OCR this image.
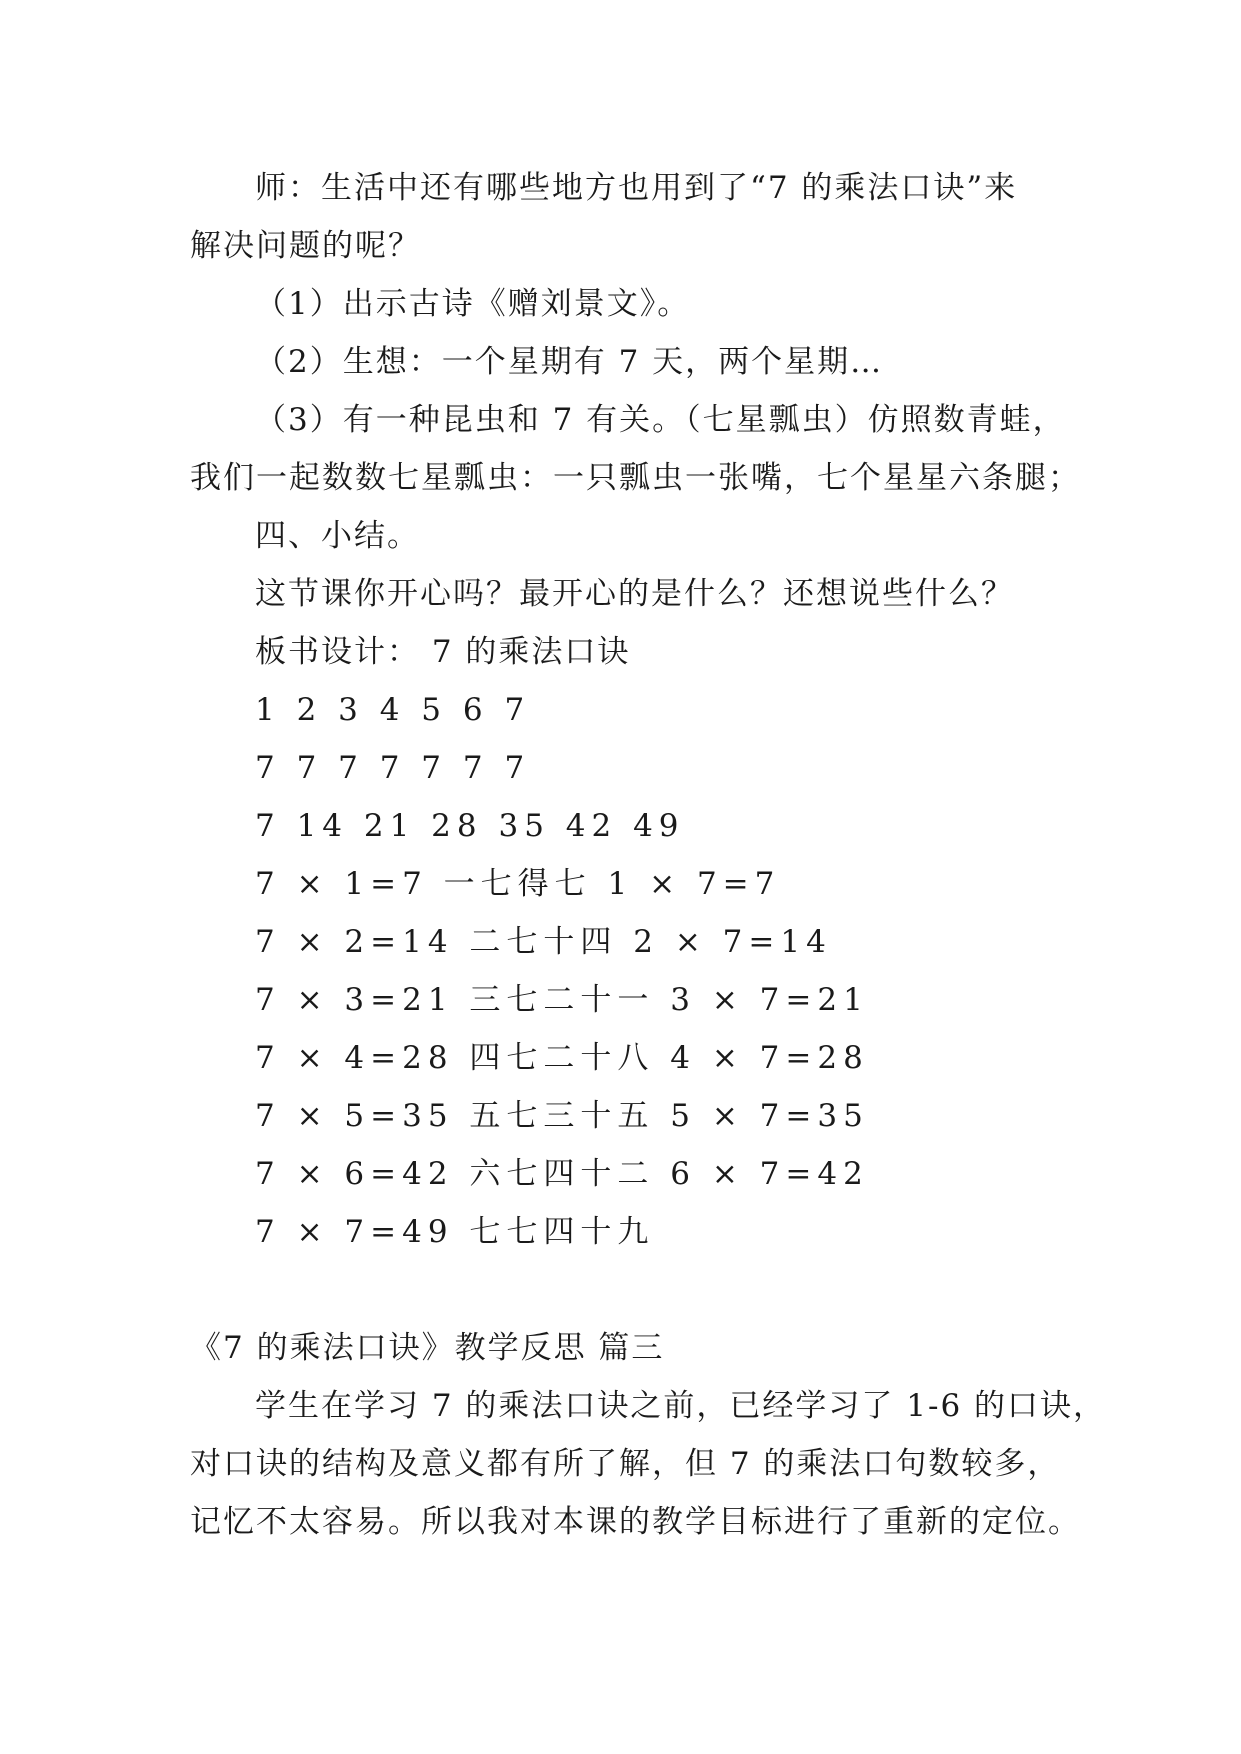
师：生活中还有哪些地方也用到了“7 的乘法口诀”来
解决问题的呢？
（1）出示古诗《赠刘景文》。
（2）生想：一个星期有 7 天，两个星期…
（3）有一种昆虫和 7 有关。（七星瓢虫）仿照数青蛙，
我们一起数数七星瓢虫：一只瓢虫一张嘴，七个星星六条腿；
四、小结。
这节课你开心吗？最开心的是什么？还想说些什么？
板书设计： 7 的乘法口诀
1 2 3 4 5 6 7
7 7 7 7 7 7 7
7 14 21 28 35 42 49
7 × 1=7 一七得七 1 × 7=7
7 × 2=14 二七十四 2 × 7=14
7 × 3=21 三七二十一 3 × 7=21
7 × 4=28 四七二十八 4 × 7=28
7 × 5=35 五七三十五 5 × 7=35
7 × 6=42 六七四十二 6 × 7=42
7 × 7=49 七七四十九
《7 的乘法口诀》教学反思 篇三
学生在学习 7 的乘法口诀之前，已经学习了 1-6 的口诀，
对口诀的结构及意义都有所了解，但 7 的乘法口句数较多，
记忆不太容易。所以我对本课的教学目标进行了重新的定位。
